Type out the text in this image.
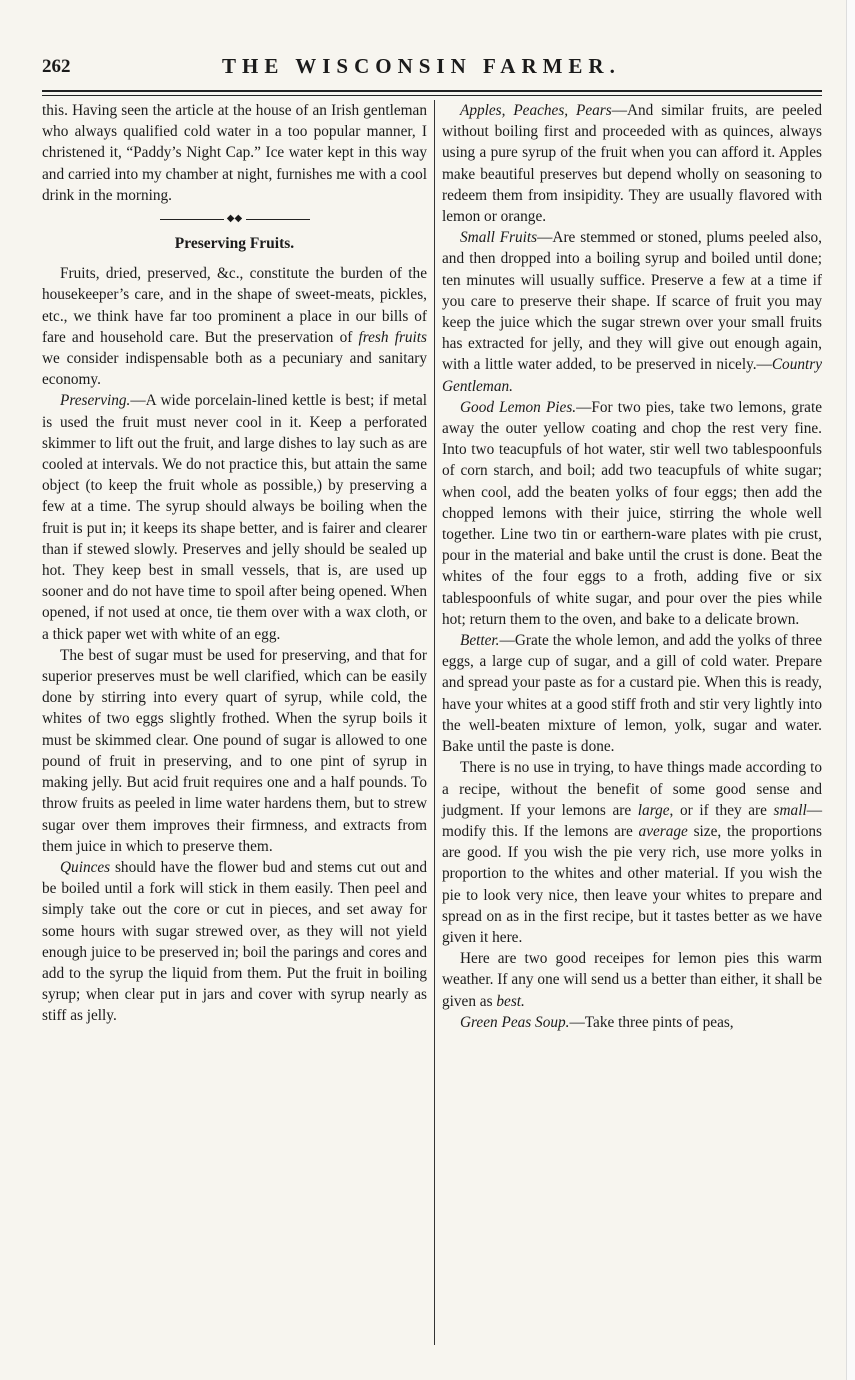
262	THE WISCONSIN FARMER.

this. Having seen the article at the house of an Irish gentleman who always qualified cold water in a too popular manner, I christened it, “Paddy’s Night Cap.” Ice water kept in this way and carried into my chamber at night, furnishes me with a cool drink in the morning.

◆◆
Preserving Fruits.

Fruits, dried, preserved, &c., constitute the burden of the housekeeper’s care, and in the shape of sweet-meats, pickles, etc., we think have far too prominent a place in our bills of fare and household care. But the preservation of fresh fruits we consider indispensable both as a pecuniary and sanitary economy.

Preserving.—A wide porcelain-lined kettle is best; if metal is used the fruit must never cool in it. Keep a perforated skimmer to lift out the fruit, and large dishes to lay such as are cooled at intervals. We do not practice this, but attain the same object (to keep the fruit whole as possible,) by preserving a few at a time. The syrup should always be boiling when the fruit is put in; it keeps its shape better, and is fairer and clearer than if stewed slowly. Preserves and jelly should be sealed up hot. They keep best in small vessels, that is, are used up sooner and do not have time to spoil after being opened. When opened, if not used at once, tie them over with a wax cloth, or a thick paper wet with white of an egg.

The best of sugar must be used for preserving, and that for superior preserves must be well clarified, which can be easily done by stirring into every quart of syrup, while cold, the whites of two eggs slightly frothed. When the syrup boils it must be skimmed clear. One pound of sugar is allowed to one pound of fruit in preserving, and to one pint of syrup in making jelly. But acid fruit requires one and a half pounds. To throw fruits as peeled in lime water hardens them, but to strew sugar over them improves their firmness, and extracts from them juice in which to preserve them.

Quinces should have the flower bud and stems cut out and be boiled until a fork will stick in them easily. Then peel and simply take out the core or cut in pieces, and set away for some hours with sugar strewed over, as they will not yield enough juice to be preserved in; boil the parings and cores and add to the syrup the liquid from them. Put the fruit in boiling syrup; when clear put in jars and cover with syrup nearly as stiff as jelly.

Apples, Peaches, Pears—And similar fruits, are peeled without boiling first and proceeded with as quinces, always using a pure syrup of the fruit when you can afford it. Apples make beautiful preserves but depend wholly on seasoning to redeem them from insipidity. They are usually flavored with lemon or orange.

Small Fruits—Are stemmed or stoned, plums peeled also, and then dropped into a boiling syrup and boiled until done; ten minutes will usually suffice. Preserve a few at a time if you care to preserve their shape. If scarce of fruit you may keep the juice which the sugar strewn over your small fruits has extracted for jelly, and they will give out enough again, with a little water added, to be preserved in nicely.—Country Gentleman.

Good Lemon Pies.—For two pies, take two lemons, grate away the outer yellow coating and chop the rest very fine. Into two teacupfuls of hot water, stir well two tablespoonfuls of corn starch, and boil; add two teacupfuls of white sugar; when cool, add the beaten yolks of four eggs; then add the chopped lemons with their juice, stirring the whole well together. Line two tin or earthern-ware plates with pie crust, pour in the material and bake until the crust is done. Beat the whites of the four eggs to a froth, adding five or six tablespoonfuls of white sugar, and pour over the pies while hot; return them to the oven, and bake to a delicate brown.

Better.—Grate the whole lemon, and add the yolks of three eggs, a large cup of sugar, and a gill of cold water. Prepare and spread your paste as for a custard pie. When this is ready, have your whites at a good stiff froth and stir very lightly into the well-beaten mixture of lemon, yolk, sugar and water. Bake until the paste is done.

There is no use in trying, to have things made according to a recipe, without the benefit of some good sense and judgment. If your lemons are large, or if they are small—modify this. If the lemons are average size, the proportions are good. If you wish the pie very rich, use more yolks in proportion to the whites and other material. If you wish the pie to look very nice, then leave your whites to prepare and spread on as in the first recipe, but it tastes better as we have given it here.

Here are two good receipes for lemon pies this warm weather. If any one will send us a better than either, it shall be given as best.

Green Peas Soup.—Take three pints of peas,
